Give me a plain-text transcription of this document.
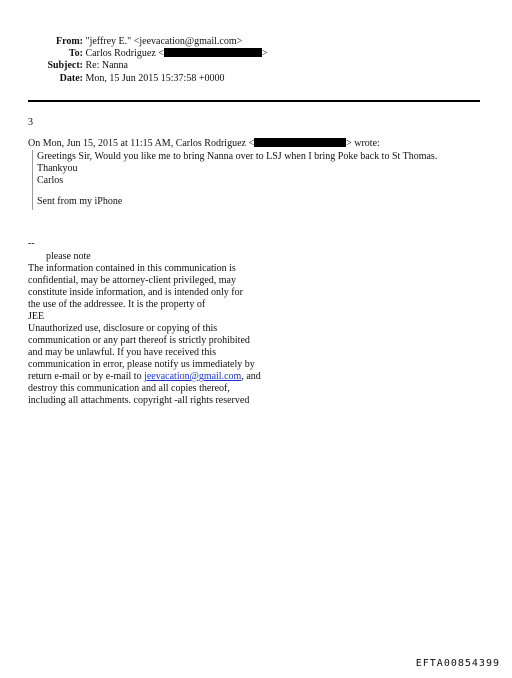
From: "jeffrey E." <jeevacation@gmail.com>
To: Carlos Rodriguez <	>
Subject: Re: Nanna
Date: Mon, 15 Jun 2015 15:37:58 +0000
3
On Mon, Jun 15, 2015 at 11:15 AM, Carlos Rodriguez <	> wrote:
Greetings Sir, Would you like me to bring Nanna over to LSJ when I bring Poke back to St Thomas.
Thankyou
Carlos
Sent from my iPhone
--
please note
The information contained in this communication is
confidential, may be attorney-client privileged, may
constitute inside information, and is intended only for
the use of the addressee. It is the property of
JEE
Unauthorized use, disclosure or copying of this
communication or any part thereof is strictly prohibited
and may be unlawful. If you have received this
communication in error, please notify us immediately by
return e-mail or by e-mail to jeevacation@gmail.com, and
destroy this communication and all copies thereof,
including all attachments. copyright -all rights reserved
EFTA00854399
